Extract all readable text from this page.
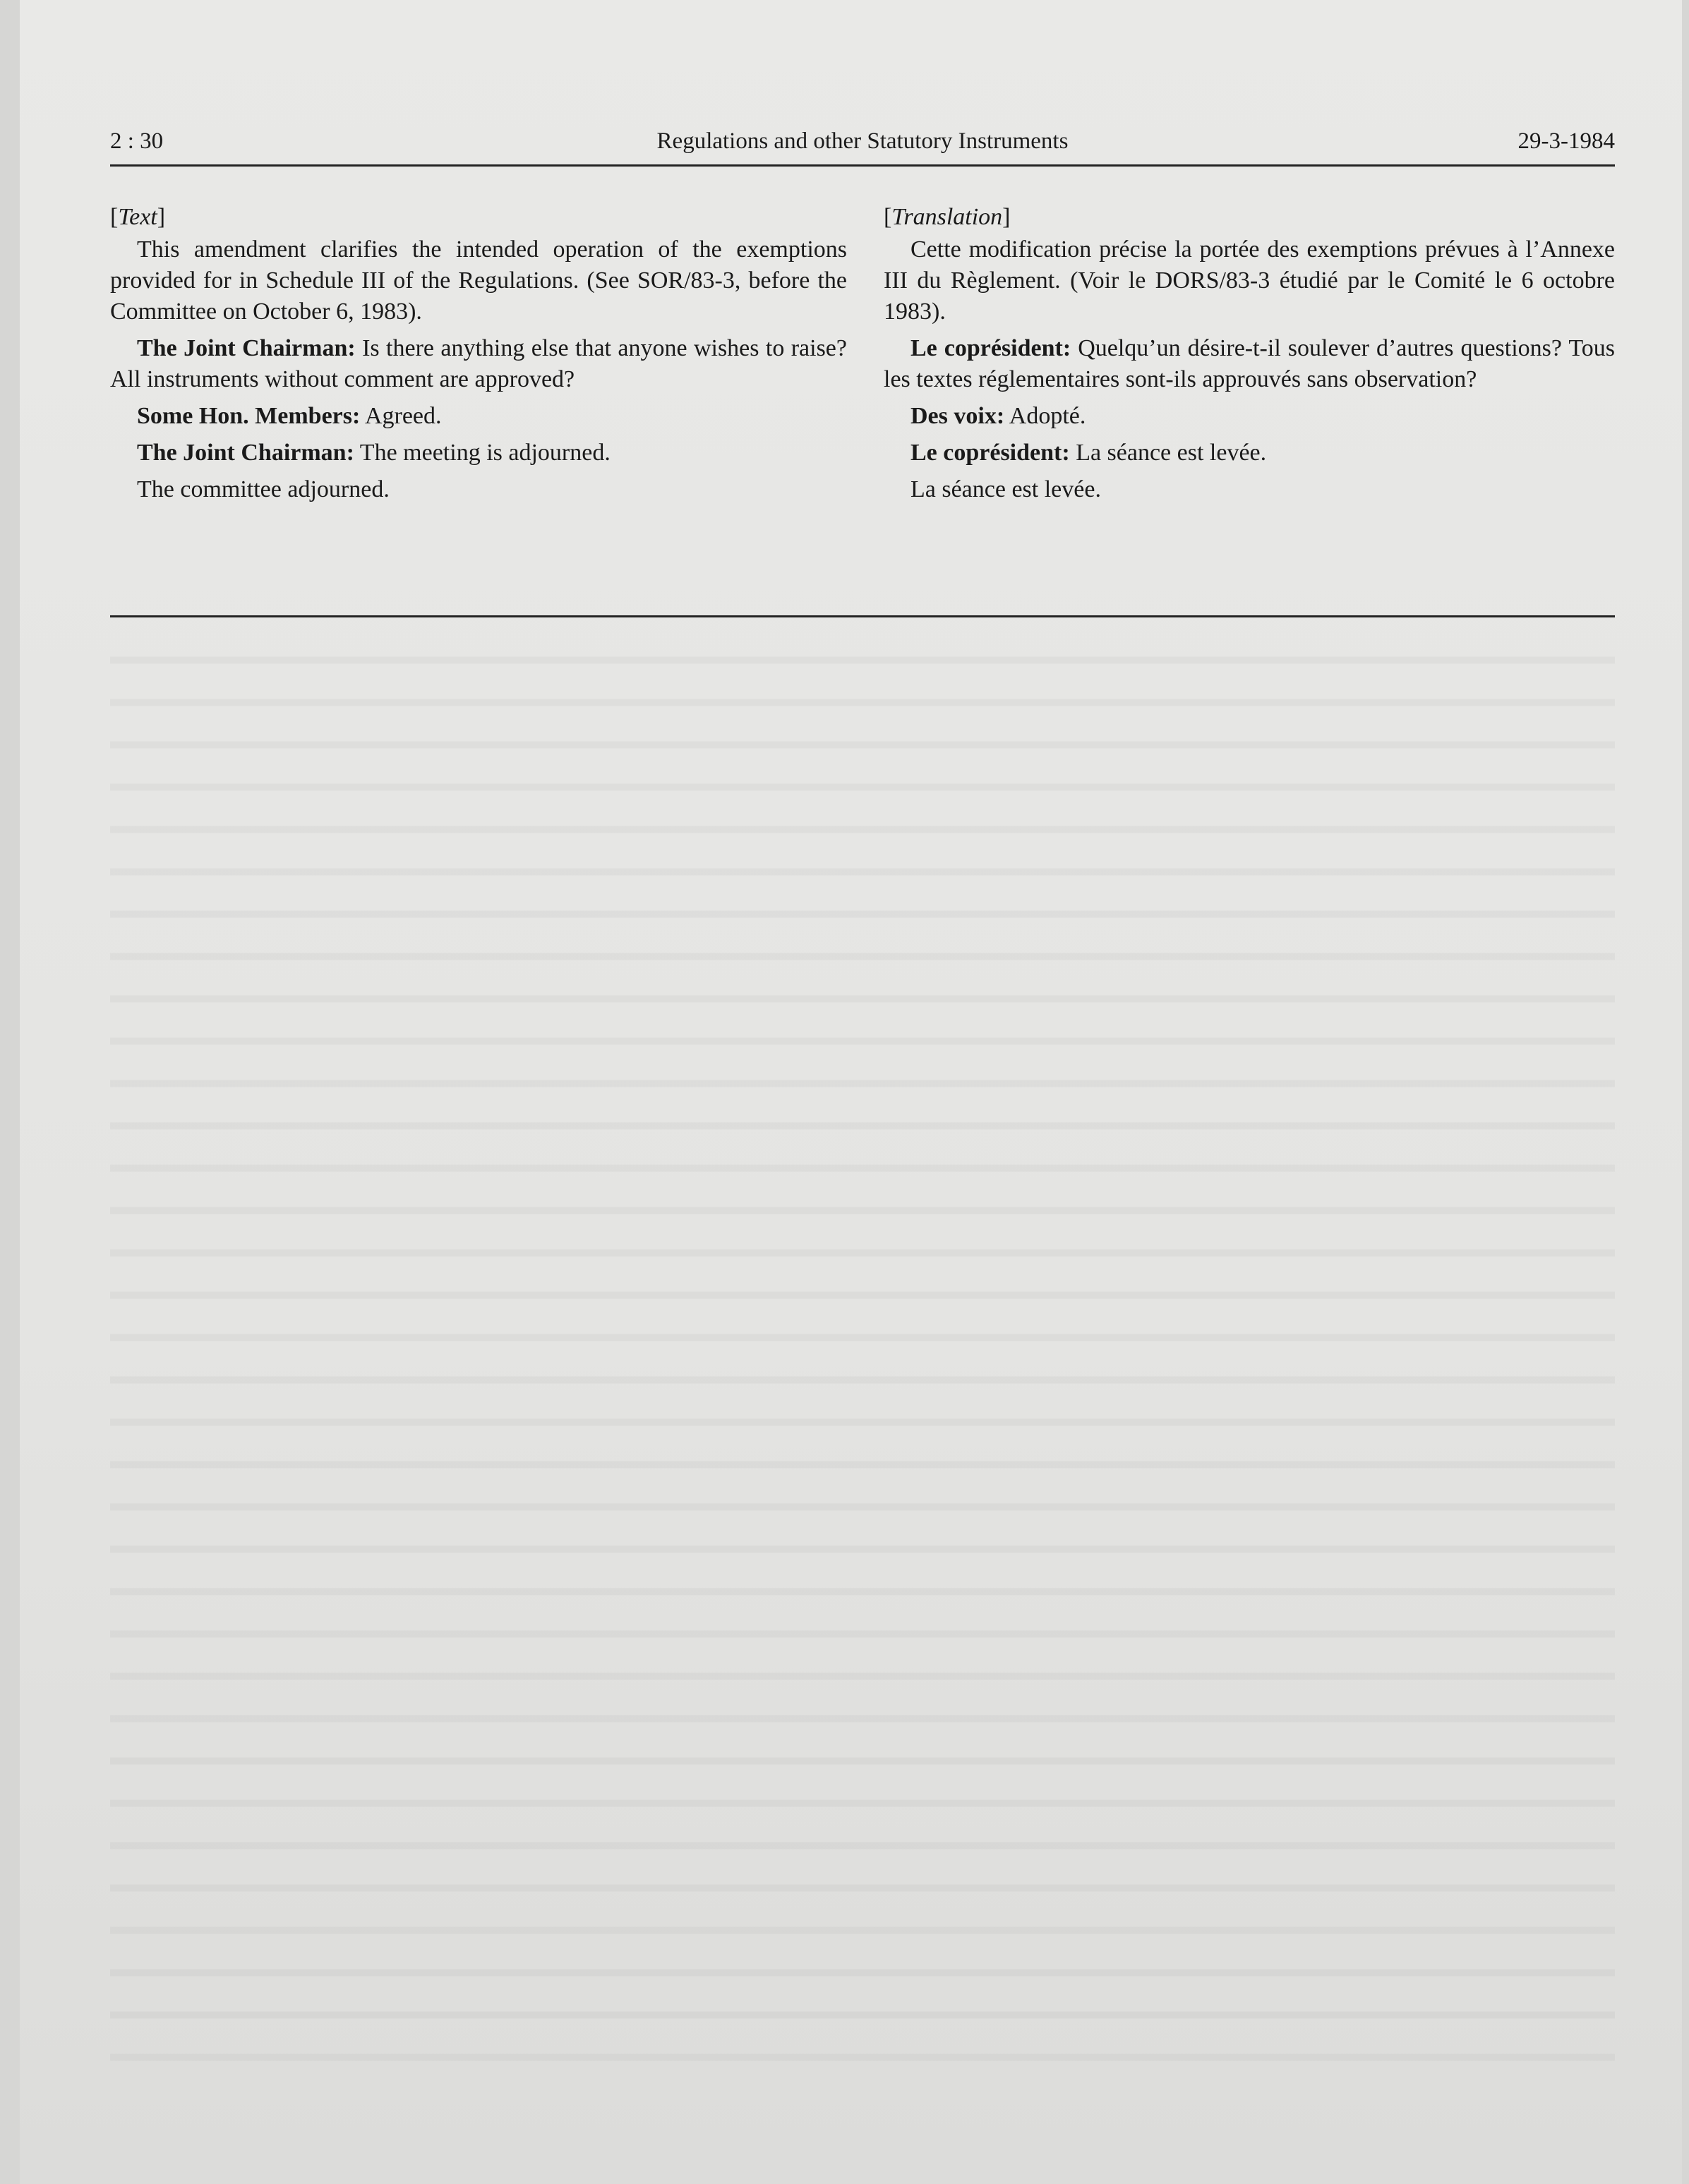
2 : 30	Regulations and other Statutory Instruments	29-3-1984
[Text]

This amendment clarifies the intended operation of the exemptions provided for in Schedule III of the Regulations. (See SOR/83-3, before the Committee on October 6, 1983).

The Joint Chairman: Is there anything else that anyone wishes to raise? All instruments without comment are approved?

Some Hon. Members: Agreed.

The Joint Chairman: The meeting is adjourned.

The committee adjourned.

[Translation]

Cette modification précise la portée des exemptions prévues à l’Annexe III du Règlement. (Voir le DORS/83-3 étudié par le Comité le 6 octobre 1983).

Le coprésident: Quelqu’un désire-t-il soulever d’autres questions? Tous les textes réglementaires sont-ils approuvés sans observation?

Des voix: Adopté.

Le coprésident: La séance est levée.

La séance est levée.
